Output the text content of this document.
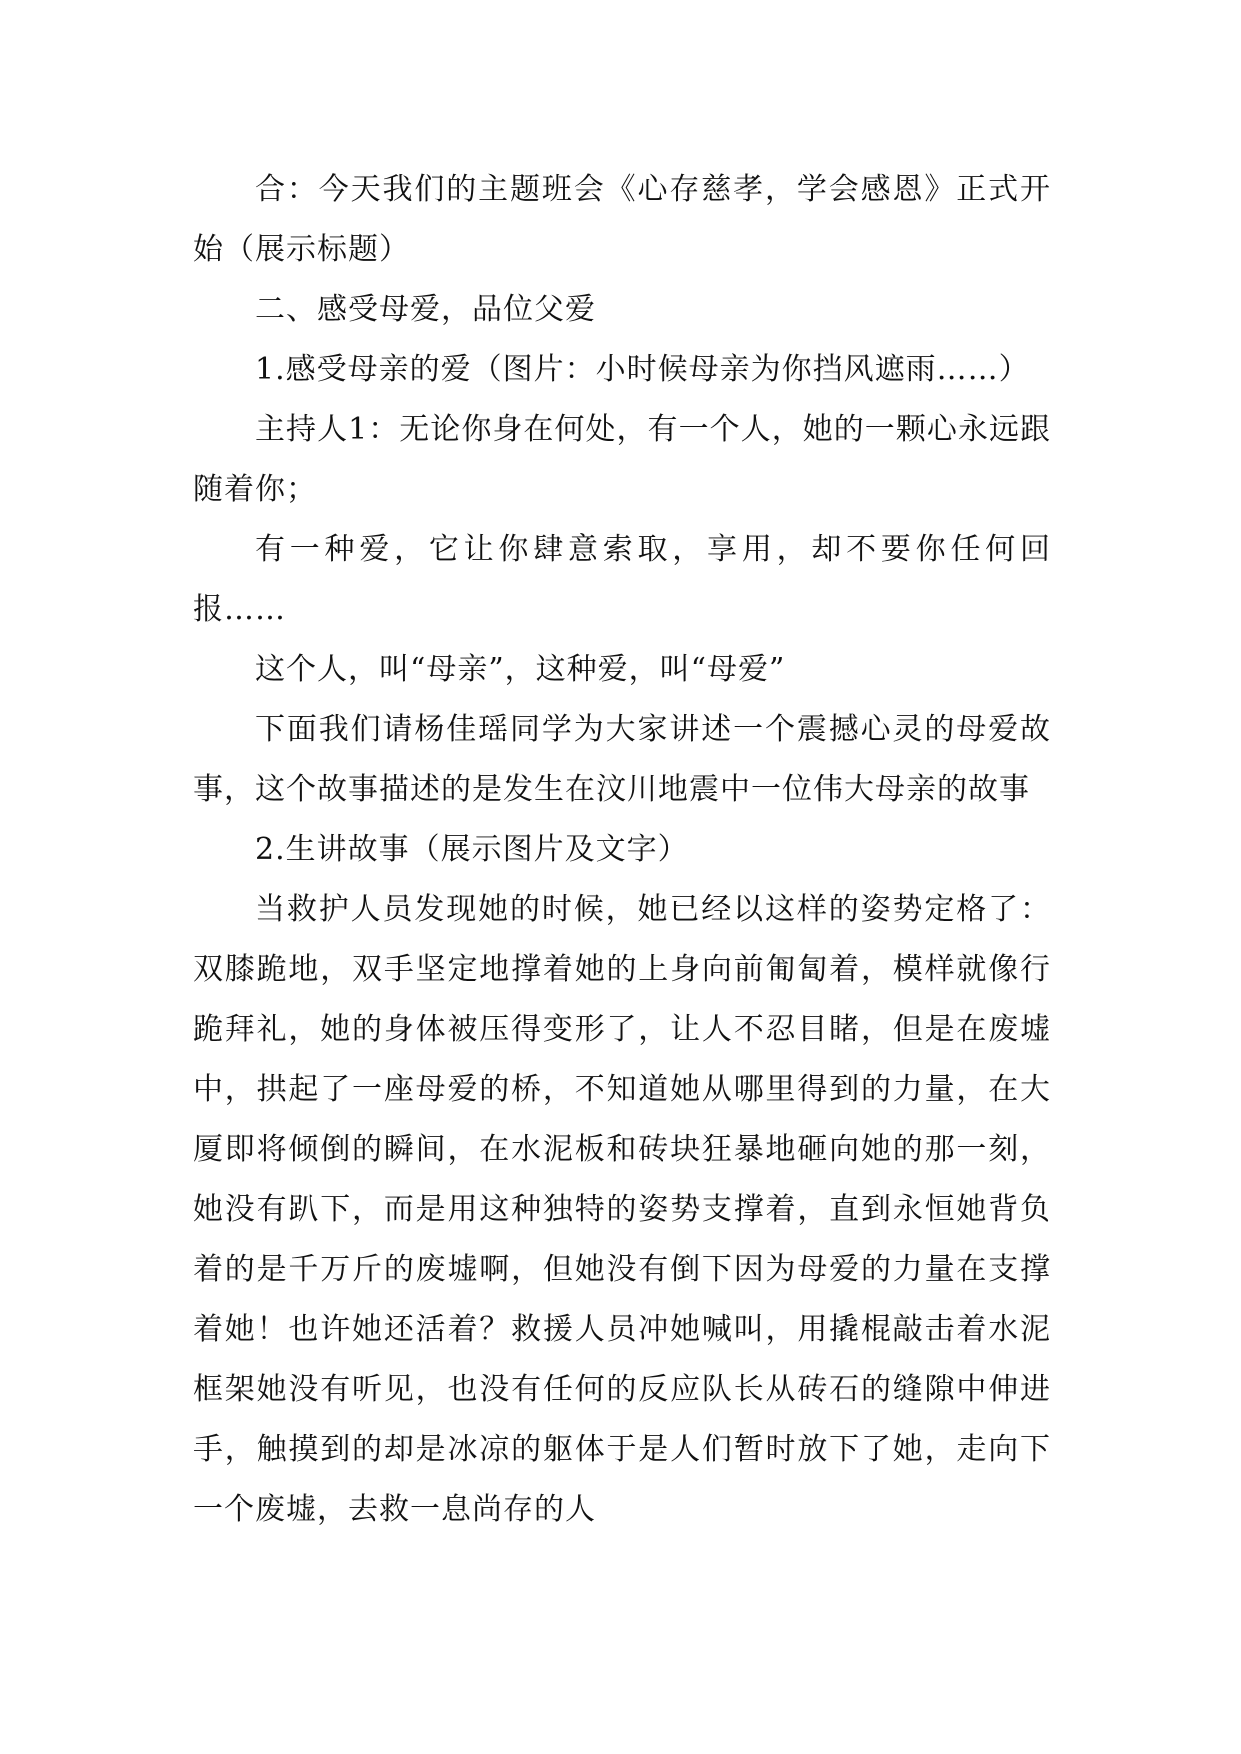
合：今天我们的主题班会《心存慈孝，学会感恩》正式开始（展示标题）

二、感受母爱，品位父爱

1.感受母亲的爱（图片：小时候母亲为你挡风遮雨……）

主持人1：无论你身在何处，有一个人，她的一颗心永远跟随着你；

有一种爱，它让你肆意索取，享用，却不要你任何回报……

这个人，叫“母亲”，这种爱，叫“母爱”

下面我们请杨佳瑶同学为大家讲述一个震撼心灵的母爱故事，这个故事描述的是发生在汶川地震中一位伟大母亲的故事

2.生讲故事（展示图片及文字）

当救护人员发现她的时候，她已经以这样的姿势定格了：双膝跪地，双手坚定地撑着她的上身向前匍匐着，模样就像行跪拜礼，她的身体被压得变形了，让人不忍目睹，但是在废墟中，拱起了一座母爱的桥，不知道她从哪里得到的力量，在大厦即将倾倒的瞬间，在水泥板和砖块狂暴地砸向她的那一刻，她没有趴下，而是用这种独特的姿势支撑着，直到永恒她背负着的是千万斤的废墟啊，但她没有倒下因为母爱的力量在支撑着她！也许她还活着？救援人员冲她喊叫，用撬棍敲击着水泥框架她没有听见，也没有任何的反应队长从砖石的缝隙中伸进手，触摸到的却是冰凉的躯体于是人们暂时放下了她，走向下一个废墟，去救一息尚存的人
